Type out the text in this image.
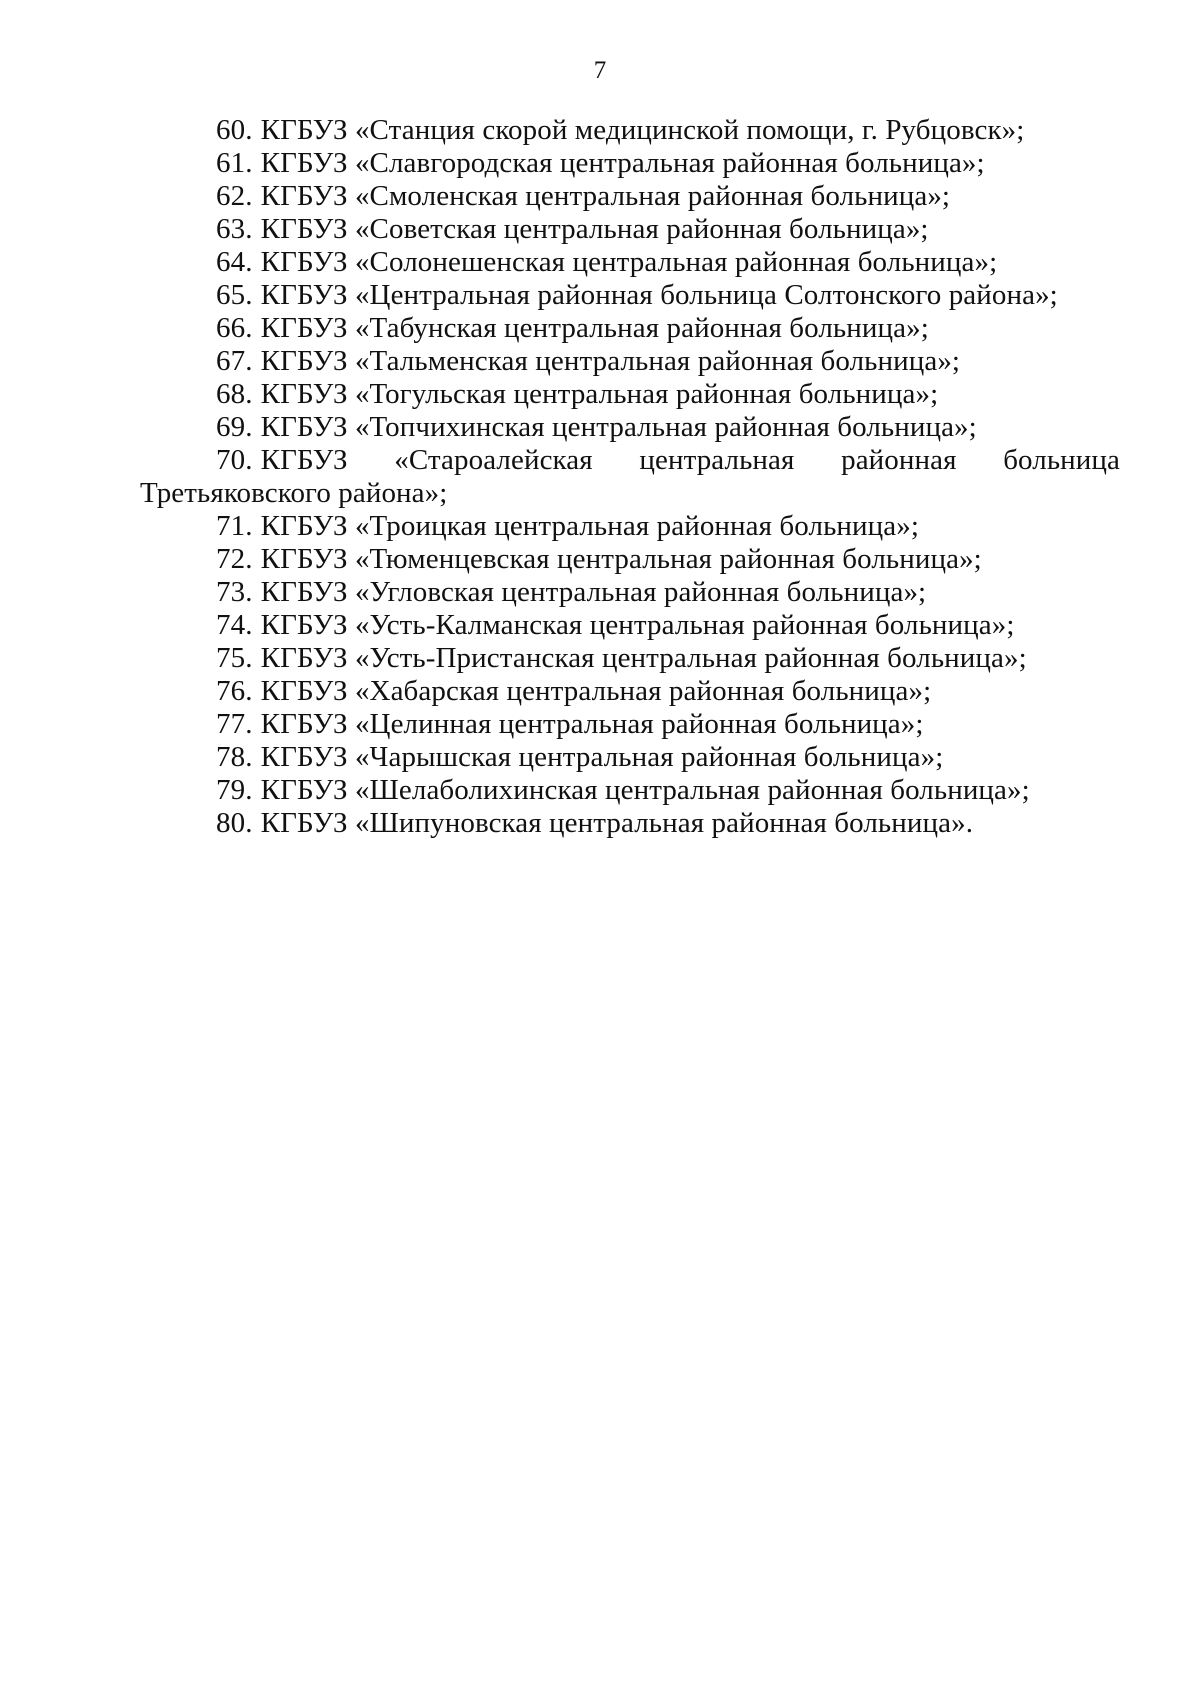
7
60. КГБУЗ «Станция скорой медицинской помощи, г. Рубцовск»;
61. КГБУЗ «Славгородская центральная районная больница»;
62. КГБУЗ «Смоленская центральная районная больница»;
63. КГБУЗ «Советская центральная районная больница»;
64. КГБУЗ «Солонешенская центральная районная больница»;
65. КГБУЗ «Центральная районная больница Солтонского района»;
66. КГБУЗ «Табунская центральная районная больница»;
67. КГБУЗ «Тальменская центральная районная больница»;
68. КГБУЗ «Тогульская центральная районная больница»;
69. КГБУЗ «Топчихинская центральная районная больница»;
70. КГБУЗ «Староалейская центральная районная больница Третьяковского района»;
71. КГБУЗ «Троицкая центральная районная больница»;
72. КГБУЗ «Тюменцевская центральная районная больница»;
73. КГБУЗ «Угловская центральная районная больница»;
74. КГБУЗ «Усть-Калманская центральная районная больница»;
75. КГБУЗ «Усть-Пристанская центральная районная больница»;
76. КГБУЗ «Хабарская центральная районная больница»;
77. КГБУЗ «Целинная центральная районная больница»;
78. КГБУЗ «Чарышская центральная районная больница»;
79. КГБУЗ «Шелаболихинская центральная районная больница»;
80. КГБУЗ «Шипуновская центральная районная больница».
